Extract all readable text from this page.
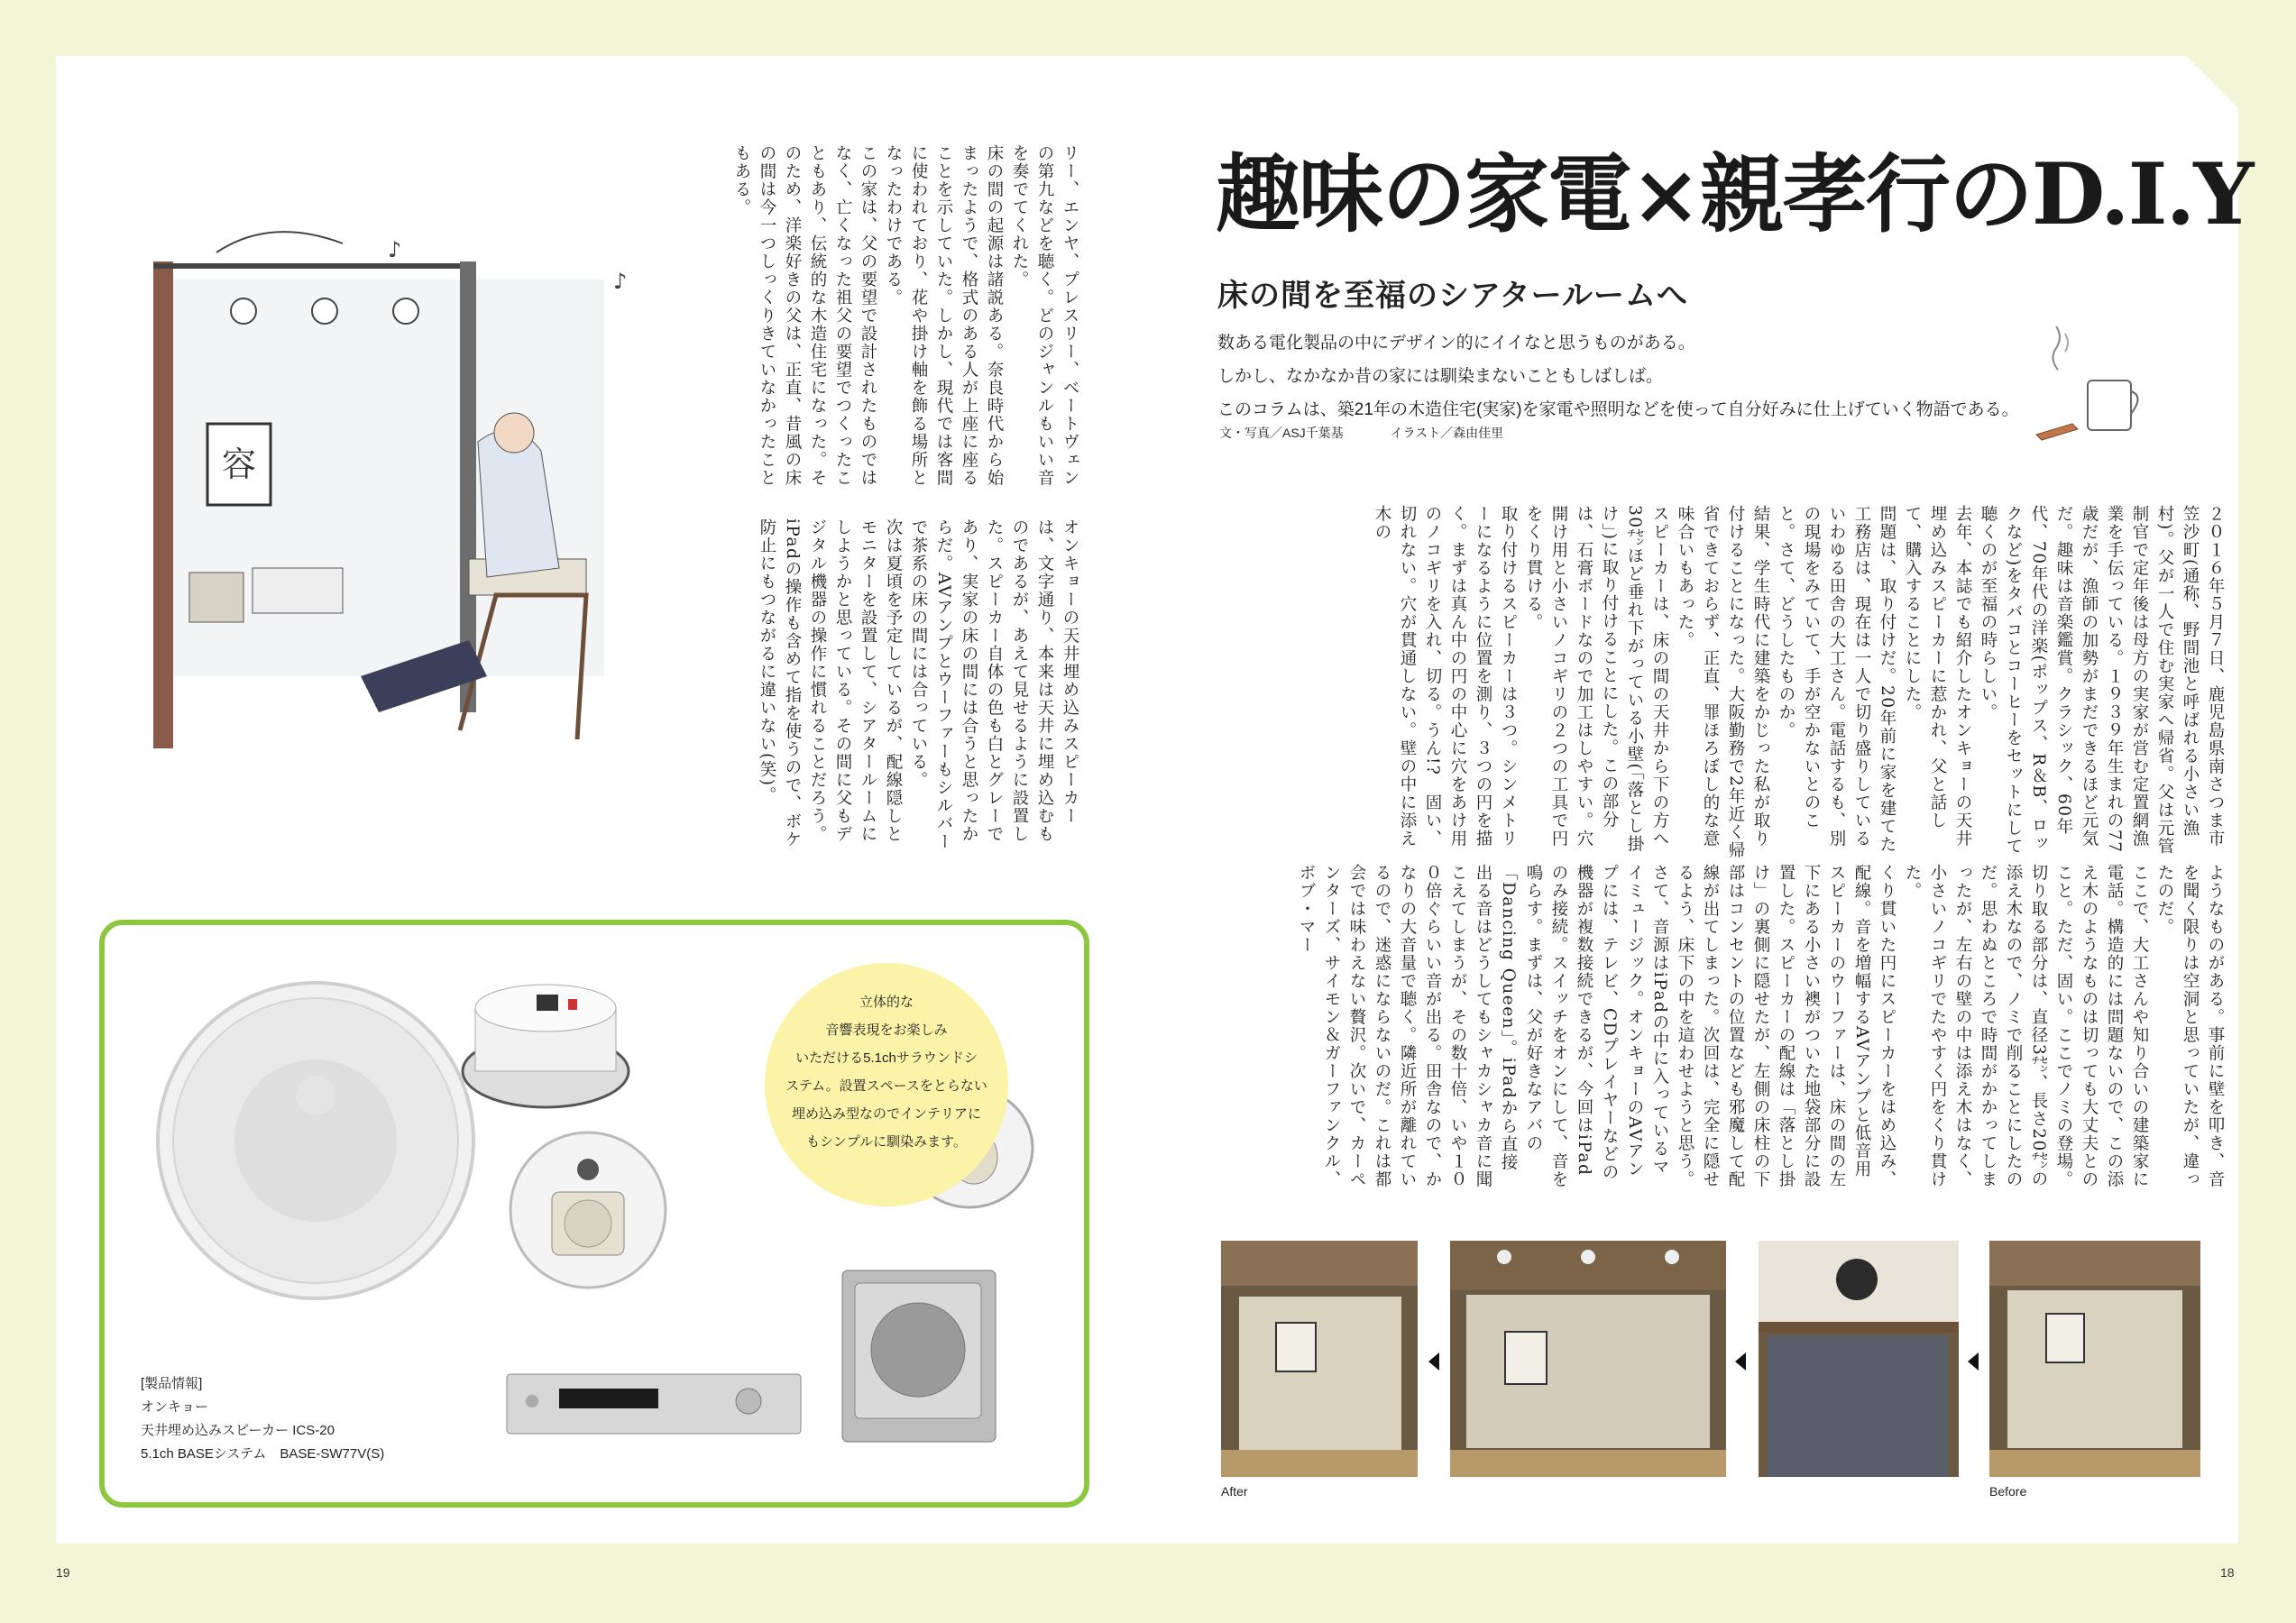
趣味の家電×親孝行のD.I.Y
床の間を至福のシアタールームへ
数ある電化製品の中にデザイン的にイイなと思うものがある。
しかし、なかなか昔の家には馴染まないこともしばしば。
このコラムは、築21年の木造住宅(実家)を家電や照明などを使って自分好みに仕上げていく物語である。
文・写真／ASJ千葉基	イラスト／森由佳里

２０１６年５月７日、鹿児島県南さつま市笠沙町(通称、野間池と呼ばれる小さい漁村)。父が一人で住む実家へ帰省。父は元管制官で定年後は母方の実家が営む定置網漁業を手伝っている。１９３９年生まれの77歳だが、漁師の加勢がまだできるほど元気だ。趣味は音楽鑑賞。クラシック、60年代、70年代の洋楽(ポップス、R＆B、ロックなど)をタバコとコーヒーをセットにして聴くのが至福の時らしい。

去年、本誌でも紹介したオンキョーの天井埋め込みスピーカーに惹かれ、父と話して、購入することにした。

問題は、取り付けだ。20年前に家を建てた工務店は、現在は一人で切り盛りしているいわゆる田舎の大工さん。電話するも、別の現場をみていて、手が空かないとのこと。さて、どうしたものか。

結果、学生時代に建築をかじった私が取り付けることになった。大阪勤務で2年近く帰省できておらず、正直、罪ほろぼし的な意味合いもあった。

スピーカーは、床の間の天井から下の方へ30㌢ほど垂れ下がっている小壁(「落とし掛け」)に取り付けることにした。この部分は、石膏ボードなので加工はしやすい。穴開け用と小さいノコギリの２つの工具で円をくり貫ける。

取り付けるスピーカーは３つ。シンメトリーになるように位置を測り、３つの円を描く。まずは真ん中の円の中心に穴をあけ用のノコギリを入れ、切る。うん!?　固い、切れない。穴が貫通しない。壁の中に添え木の

ようなものがある。事前に壁を叩き、音を聞く限りは空洞と思っていたが、違ったのだ。

ここで、大工さんや知り合いの建築家に電話。構造的には問題ないので、この添え木のようなものは切っても大丈夫とのこと。ただ、固い。ここでノミの登場。切り取る部分は、直径3㌢、長さ20㌢の添え木なので、ノミで削ることにしたのだ。思わぬところで時間がかかってしまったが、左右の壁の中は添え木はなく、小さいノコギリでたやすく円をくり貫けた。

くり貫いた円にスピーカーをはめ込み、配線。音を増幅するAVアンプと低音用スピーカーのウーファーは、床の間の左下にある小さい襖がついた地袋部分に設置した。スピーカーの配線は「落とし掛け」の裏側に隠せたが、左側の床柱の下部はコンセントの位置なども邪魔して配線が出てしまった。次回は、完全に隠せるよう、床下の中を這わせようと思う。

さて、音源はiPadの中に入っているマイミュージック。オンキョーのAVアンプには、テレビ、CDプレイヤーなどの機器が複数接続できるが、今回はiPadのみ接続。スイッチをオンにして、音を鳴らす。まずは、父が好きなアバの「Dancing Queen」。iPadから直接出る音はどうしてもシャカシャカ音に聞こえてしまうが、その数十倍、いや１００倍ぐらいい音が出る。田舎なので、かなりの大音量で聴く。隣近所が離れているので、迷惑にならないのだ。これは都会では味わえない贅沢。次いで、カーペンターズ、サイモン＆ガーファンクル、ボブ・マー

After	Before
♪
♪
容	リー、エンヤ、プレスリー、ベートヴェンの第九などを聴く。どのジャンルもいい音を奏でてくれた。

床の間の起源は諸説ある。奈良時代から始まったようで、格式のある人が上座に座ることを示していた。しかし、現代では客間に使われており、花や掛け軸を飾る場所となったわけである。

この家は、父の要望で設計されたものではなく、亡くなった祖父の要望でつくったこともあり、伝統的な木造住宅になった。そのため、洋楽好きの父は、正直、昔風の床の間は今一つしっくりきていなかったこともある。

オンキョーの天井埋め込みスピーカーは、文字通り、本来は天井に埋め込むものであるが、あえて見せるように設置した。スピーカー自体の色も白とグレーであり、実家の床の間には合うと思ったからだ。AVアンプとウーファーもシルバーで茶系の床の間には合っている。

次は夏頃を予定しているが、配線隠しとモニターを設置して、シアタールームにしようかと思っている。その間に父もデジタル機器の操作に慣れることだろう。iPadの操作も含めて指を使うので、ボケ防止にもつながるに違いない(笑)。

立体的な
音響表現をお楽しみ
いただける5.1chサラウンドシ
ステム。設置スペースをとらない
埋め込み型なのでインテリアに
もシンプルに馴染みます。
[製品情報]
オンキョー
天井埋め込みスピーカー ICS-20
5.1ch BASEシステム　BASE-SW77V(S)
19	18
